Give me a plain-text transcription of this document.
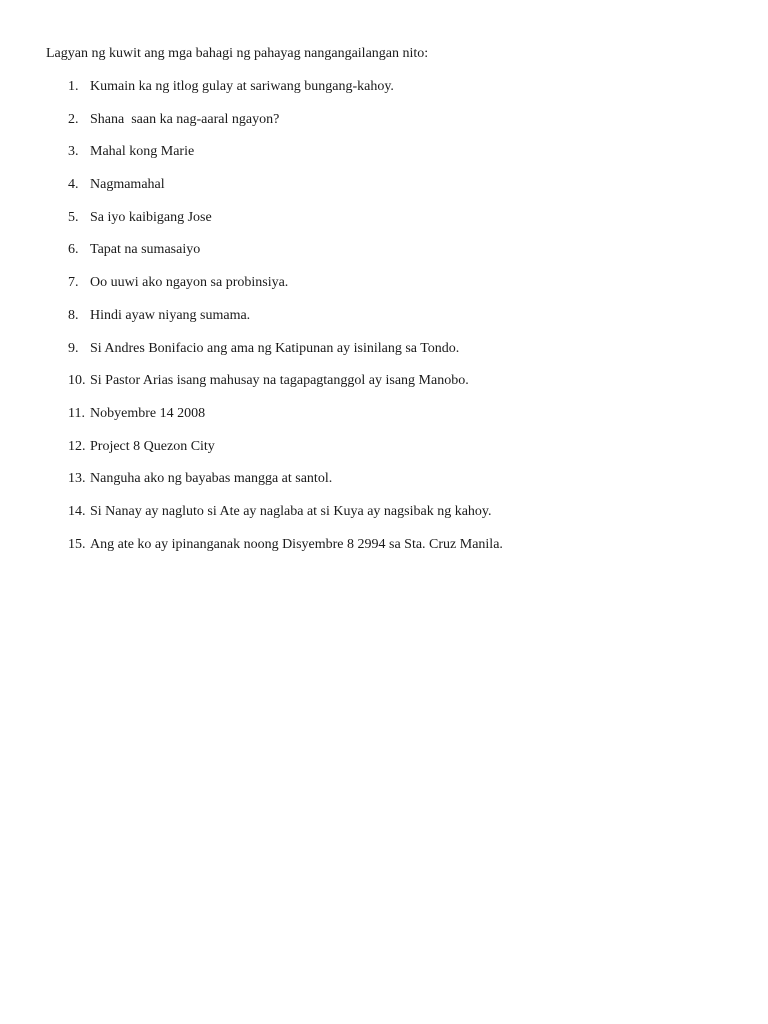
Lagyan ng kuwit ang mga bahagi ng pahayag nangangailangan nito:
1. Kumain ka ng itlog gulay at sariwang bungang-kahoy.
2. Shana  saan ka nag-aaral ngayon?
3. Mahal kong Marie
4. Nagmamahal
5. Sa iyo kaibigang Jose
6. Tapat na sumasaiyo
7. Oo uuwi ako ngayon sa probinsiya.
8. Hindi ayaw niyang sumama.
9. Si Andres Bonifacio ang ama ng Katipunan ay isinilang sa Tondo.
10. Si Pastor Arias isang mahusay na tagapagtanggol ay isang Manobo.
11. Nobyembre 14 2008
12. Project 8 Quezon City
13. Nanguha ako ng bayabas mangga at santol.
14. Si Nanay ay nagluto si Ate ay naglaba at si Kuya ay nagsibak ng kahoy.
15. Ang ate ko ay ipinanganak noong Disyembre 8 2994 sa Sta. Cruz Manila.
